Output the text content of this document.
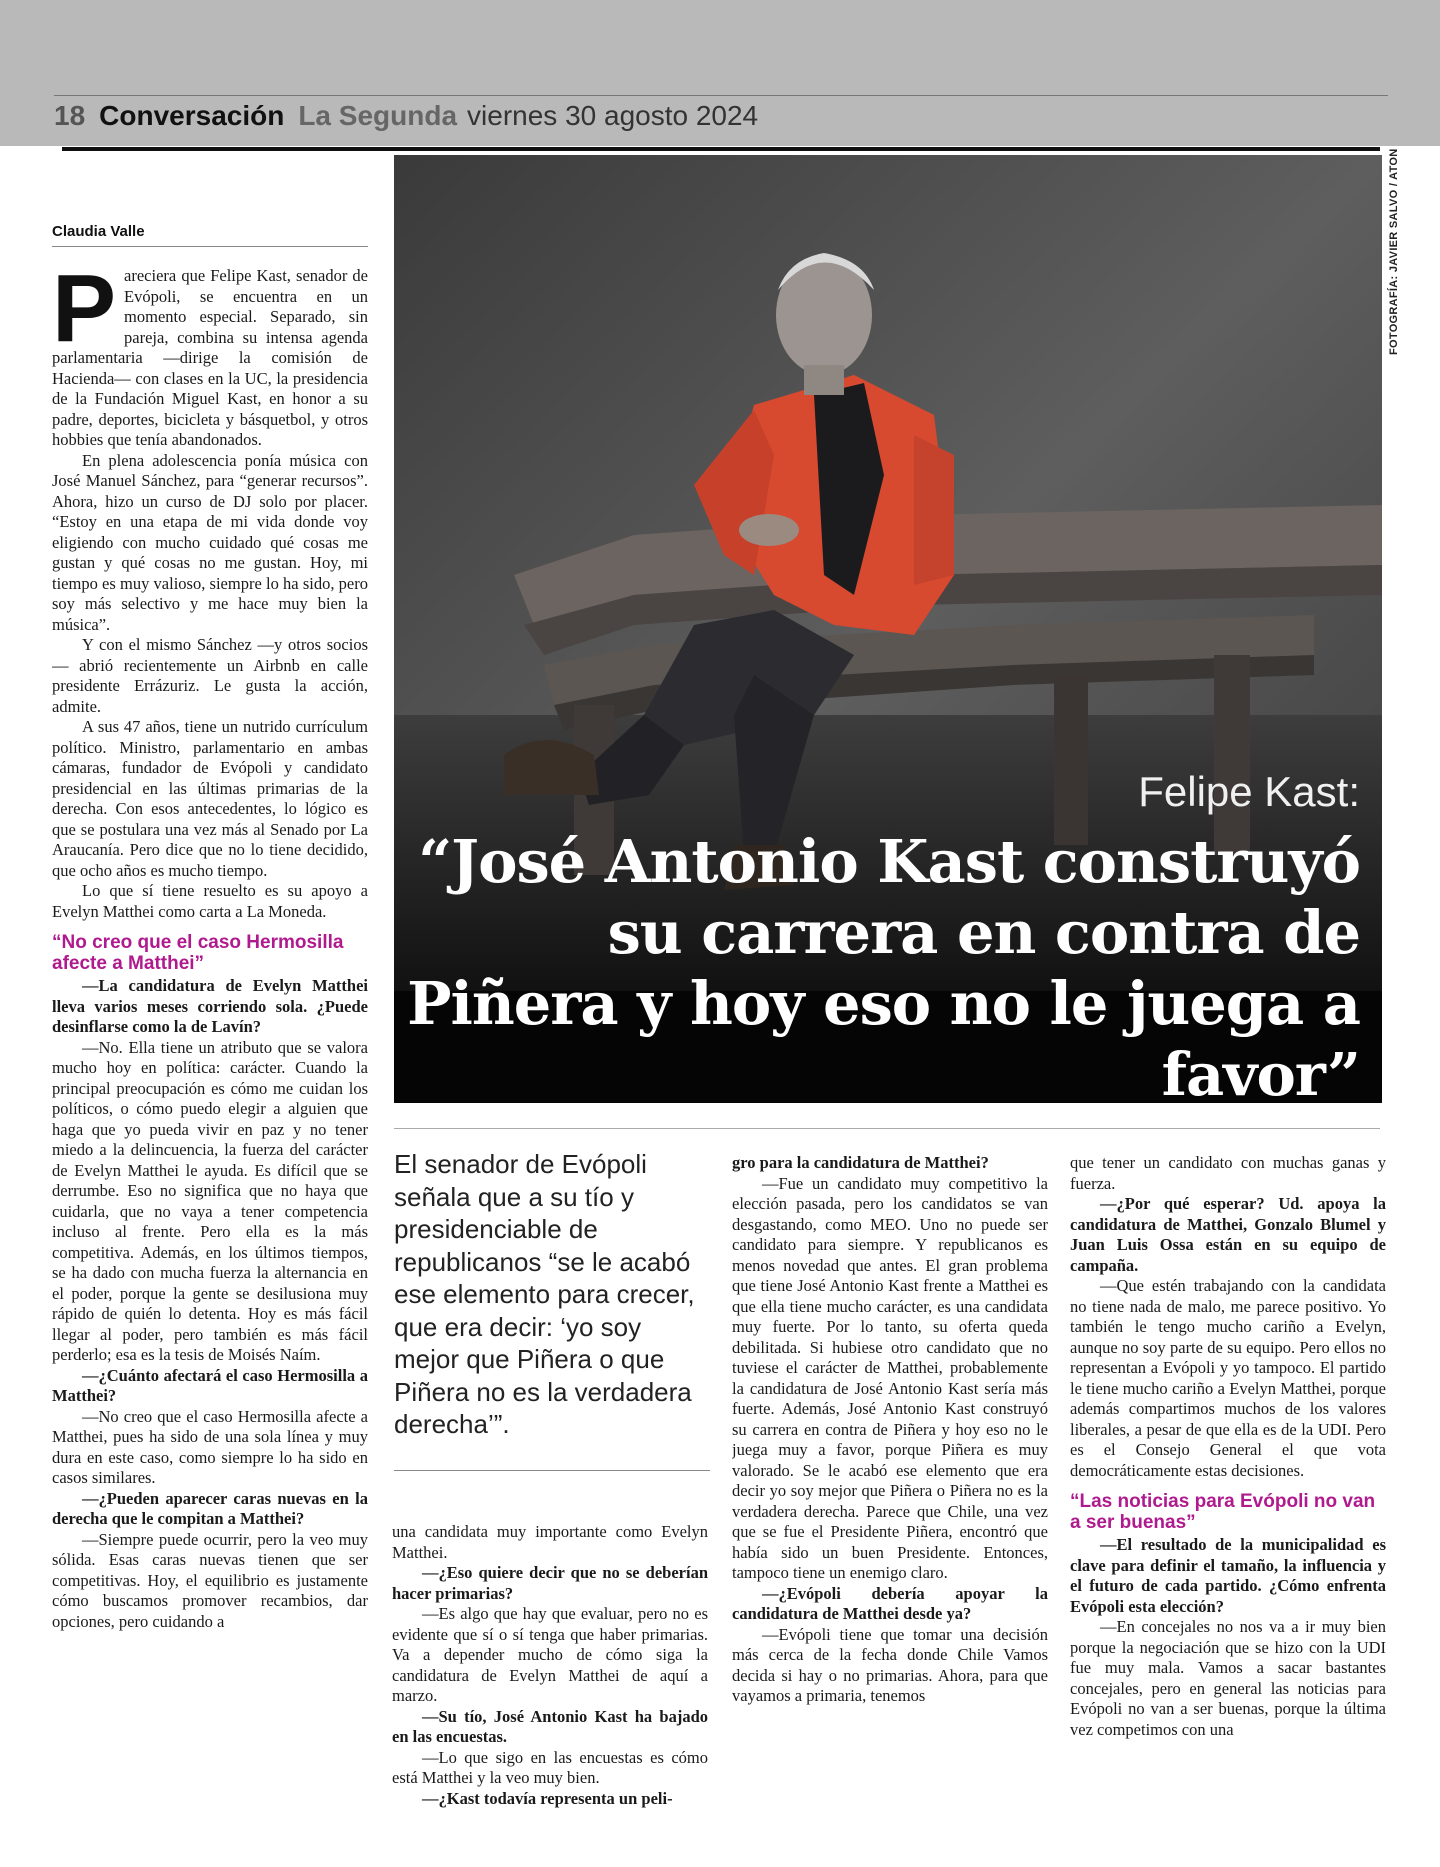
18 Conversación La Segunda viernes 30 agosto 2024
FOTOGRAFÍA: JAVIER SALVO / ATON
Felipe Kast:
“José Antonio Kast construyó su carrera en contra de Piñera y hoy eso no le juega a favor”
Claudia Valle

Pareciera que Felipe Kast, senador de Evópoli, se encuentra en un momento especial. Separado, sin pareja, combina su intensa agenda parlamentaria —dirige la comisión de Hacienda— con clases en la UC, la presidencia de la Fundación Miguel Kast, en honor a su padre, deportes, bicicleta y básquetbol, y otros hobbies que tenía abandonados.

En plena adolescencia ponía música con José Manuel Sánchez, para “generar recursos”. Ahora, hizo un curso de DJ solo por placer. “Estoy en una etapa de mi vida donde voy eligiendo con mucho cuidado qué cosas me gustan y qué cosas no me gustan. Hoy, mi tiempo es muy valioso, siempre lo ha sido, pero soy más selectivo y me hace muy bien la música”.

Y con el mismo Sánchez —y otros socios— abrió recientemente un Airbnb en calle presidente Errázuriz. Le gusta la acción, admite.

A sus 47 años, tiene un nutrido currículum político. Ministro, parlamentario en ambas cámaras, fundador de Evópoli y candidato presidencial en las últimas primarias de la derecha. Con esos antecedentes, lo lógico es que se postulara una vez más al Senado por La Araucanía. Pero dice que no lo tiene decidido, que ocho años es mucho tiempo.

Lo que sí tiene resuelto es su apoyo a Evelyn Matthei como carta a La Moneda.

“No creo que el caso Hermosilla afecte a Matthei”

—La candidatura de Evelyn Matthei lleva varios meses corriendo sola. ¿Puede desinflarse como la de Lavín?

—No. Ella tiene un atributo que se valora mucho hoy en política: carácter. Cuando la principal preocupación es cómo me cuidan los políticos, o cómo puedo elegir a alguien que haga que yo pueda vivir en paz y no tener miedo a la delincuencia, la fuerza del carácter de Evelyn Matthei le ayuda. Es difícil que se derrumbe. Eso no significa que no haya que cuidarla, que no vaya a tener competencia incluso al frente. Pero ella es la más competitiva. Además, en los últimos tiempos, se ha dado con mucha fuerza la alternancia en el poder, porque la gente se desilusiona muy rápido de quién lo detenta. Hoy es más fácil llegar al poder, pero también es más fácil perderlo; esa es la tesis de Moisés Naím.

—¿Cuánto afectará el caso Hermosilla a Matthei?

—No creo que el caso Hermosilla afecte a Matthei, pues ha sido de una sola línea y muy dura en este caso, como siempre lo ha sido en casos similares.

—¿Pueden aparecer caras nuevas en la derecha que le compitan a Matthei?

—Siempre puede ocurrir, pero la veo muy sólida. Esas caras nuevas tienen que ser competitivas. Hoy, el equilibrio es justamente cómo buscamos promover recambios, dar opciones, pero cuidando a

El senador de Evópoli señala que a su tío y presidenciable de republicanos “se le acabó ese elemento para crecer, que era decir: ‘yo soy mejor que Piñera o que Piñera no es la verdadera derecha’”.

una candidata muy importante como Evelyn Matthei.

—¿Eso quiere decir que no se deberían hacer primarias?

—Es algo que hay que evaluar, pero no es evidente que sí o sí tenga que haber primarias. Va a depender mucho de cómo siga la candidatura de Evelyn Matthei de aquí a marzo.

—Su tío, José Antonio Kast ha bajado en las encuestas.

—Lo que sigo en las encuestas es cómo está Matthei y la veo muy bien.

—¿Kast todavía representa un peli-

gro para la candidatura de Matthei?

—Fue un candidato muy competitivo la elección pasada, pero los candidatos se van desgastando, como MEO. Uno no puede ser candidato para siempre. Y republicanos es menos novedad que antes. El gran problema que tiene José Antonio Kast frente a Matthei es que ella tiene mucho carácter, es una candidata muy fuerte. Por lo tanto, su oferta queda debilitada. Si hubiese otro candidato que no tuviese el carácter de Matthei, probablemente la candidatura de José Antonio Kast sería más fuerte. Además, José Antonio Kast construyó su carrera en contra de Piñera y hoy eso no le juega muy a favor, porque Piñera es muy valorado. Se le acabó ese elemento que era decir yo soy mejor que Piñera o Piñera no es la verdadera derecha. Parece que Chile, una vez que se fue el Presidente Piñera, encontró que había sido un buen Presidente. Entonces, tampoco tiene un enemigo claro.

—¿Evópoli debería apoyar la candidatura de Matthei desde ya?

—Evópoli tiene que tomar una decisión más cerca de la fecha donde Chile Vamos decida si hay o no primarias. Ahora, para que vayamos a primaria, tenemos

que tener un candidato con muchas ganas y fuerza.

—¿Por qué esperar? Ud. apoya la candidatura de Matthei, Gonzalo Blumel y Juan Luis Ossa están en su equipo de campaña.

—Que estén trabajando con la candidata no tiene nada de malo, me parece positivo. Yo también le tengo mucho cariño a Evelyn, aunque no soy parte de su equipo. Pero ellos no representan a Evópoli y yo tampoco. El partido le tiene mucho cariño a Evelyn Matthei, porque además compartimos muchos de los valores liberales, a pesar de que ella es de la UDI. Pero es el Consejo General el que vota democráticamente estas decisiones.

“Las noticias para Evópoli no van a ser buenas”

—El resultado de la municipalidad es clave para definir el tamaño, la influencia y el futuro de cada partido. ¿Cómo enfrenta Evópoli esta elección?

—En concejales no nos va a ir muy bien porque la negociación que se hizo con la UDI fue muy mala. Vamos a sacar bastantes concejales, pero en general las noticias para Evópoli no van a ser buenas, porque la última vez competimos con una
